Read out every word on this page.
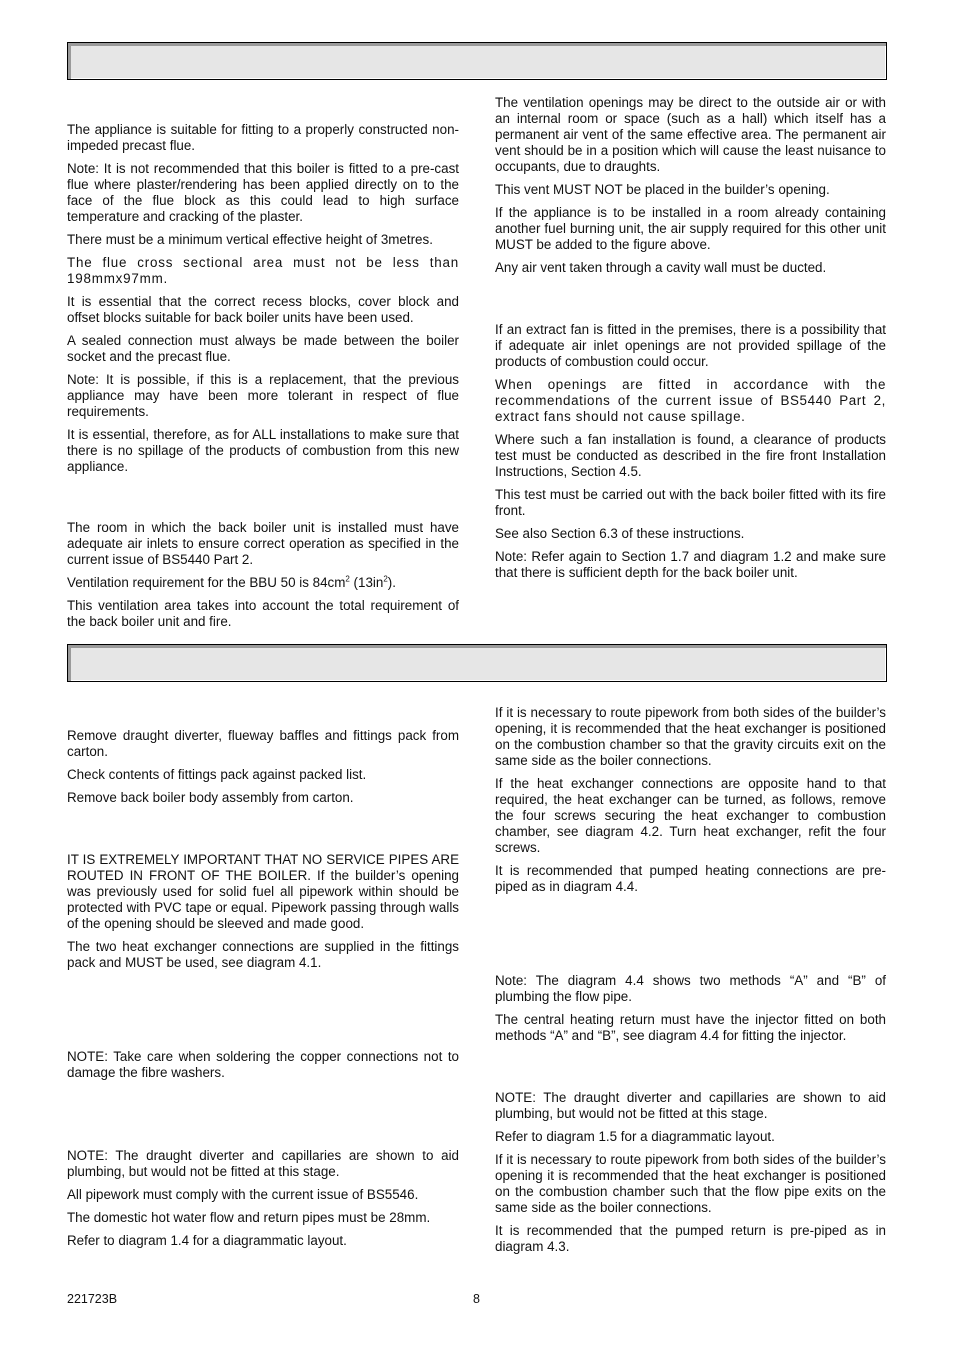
The appliance is suitable for fitting to a properly constructed non-impeded precast flue.

Note: It is not recommended that this boiler is fitted to a pre-cast flue where plaster/rendering has been applied directly on to the face of the flue block as this could lead to high surface temperature and cracking of the plaster.

There must be a minimum vertical effective height of 3metres.

The flue cross sectional area must not be less than 198mmx97mm.

It is essential that the correct recess blocks, cover block and offset blocks suitable for back boiler units have been used.

A sealed connection must always be made between the boiler socket and the precast flue.

Note: It is possible, if this is a replacement, that the previous appliance may have been more tolerant in respect of flue requirements.

It is essential, therefore, as for ALL installations to make sure that there is no spillage of the products of combustion from this new appliance.

The room in which the back boiler unit is installed must have adequate air inlets to ensure correct operation as specified in the current issue of BS5440 Part 2.

Ventilation requirement for the BBU 50 is $84cm^2$ $(13in^2)$.

This ventilation area takes into account the total requirement of the back boiler unit and fire.

The ventilation openings may be direct to the outside air or with an internal room or space (such as a hall) which itself has a permanent air vent of the same effective area. The permanent air vent should be in a position which will cause the least nuisance to occupants, due to draughts.

This vent MUST NOT be placed in the builder’s opening.

If the appliance is to be installed in a room already containing another fuel burning unit, the air supply required for this other unit MUST be added to the figure above.

Any air vent taken through a cavity wall must be ducted.

If an extract fan is fitted in the premises, there is a possibility that if adequate air inlet openings are not provided spillage of the products of combustion could occur.

When openings are fitted in accordance with the recommendations of the current issue of BS5440 Part 2, extract fans should not cause spillage.

Where such a fan installation is found, a clearance of products test must be conducted as described in the fire front Installation Instructions, Section 4.5.

This test must be carried out with the back boiler fitted with its fire front.

See also Section 6.3 of these instructions.

Note: Refer again to Section 1.7 and diagram 1.2 and make sure that there is sufficient depth for the back boiler unit.

Remove draught diverter, flueway baffles and fittings pack from carton.

Check contents of fittings pack against packed list.

Remove back boiler body assembly from carton.

IT IS EXTREMELY IMPORTANT THAT NO SERVICE PIPES ARE ROUTED IN FRONT OF THE BOILER. If the builder’s opening was previously used for solid fuel all pipework within should be protected with PVC tape or equal. Pipework passing through walls of the opening should be sleeved and made good.

The two heat exchanger connections are supplied in the fittings pack and MUST be used, see diagram 4.1.

NOTE: Take care when soldering the copper connections not to damage the fibre washers.

NOTE: The draught diverter and capillaries are shown to aid plumbing, but would not be fitted at this stage.

All pipework must comply with the current issue of BS5546.

The domestic hot water flow and return pipes must be 28mm.

Refer to diagram 1.4 for a diagrammatic layout.

If it is necessary to route pipework from both sides of the builder’s opening, it is recommended that the heat exchanger is positioned on the combustion chamber so that the gravity circuits exit on the same side as the boiler connections.

If the heat exchanger connections are opposite hand to that required, the heat exchanger can be turned, as follows, remove the four screws securing the heat exchanger to combustion chamber, see diagram 4.2. Turn heat exchanger, refit the four screws.

It is recommended that pumped heating connections are pre-piped as in diagram 4.4.

Note: The diagram 4.4 shows two methods “A” and “B” of plumbing the flow pipe.

The central heating return must have the injector fitted on both methods “A” and “B”, see diagram 4.4 for fitting the injector.

NOTE: The draught diverter and capillaries are shown to aid plumbing, but would not be fitted at this stage.

Refer to diagram 1.5 for a diagrammatic layout.

If it is necessary to route pipework from both sides of the builder’s opening it is recommended that the heat exchanger is positioned on the combustion chamber such that the flow pipe exits on the same side as the boiler connections.

It is recommended that the pumped return is pre-piped as in diagram 4.3.

221723B	8
